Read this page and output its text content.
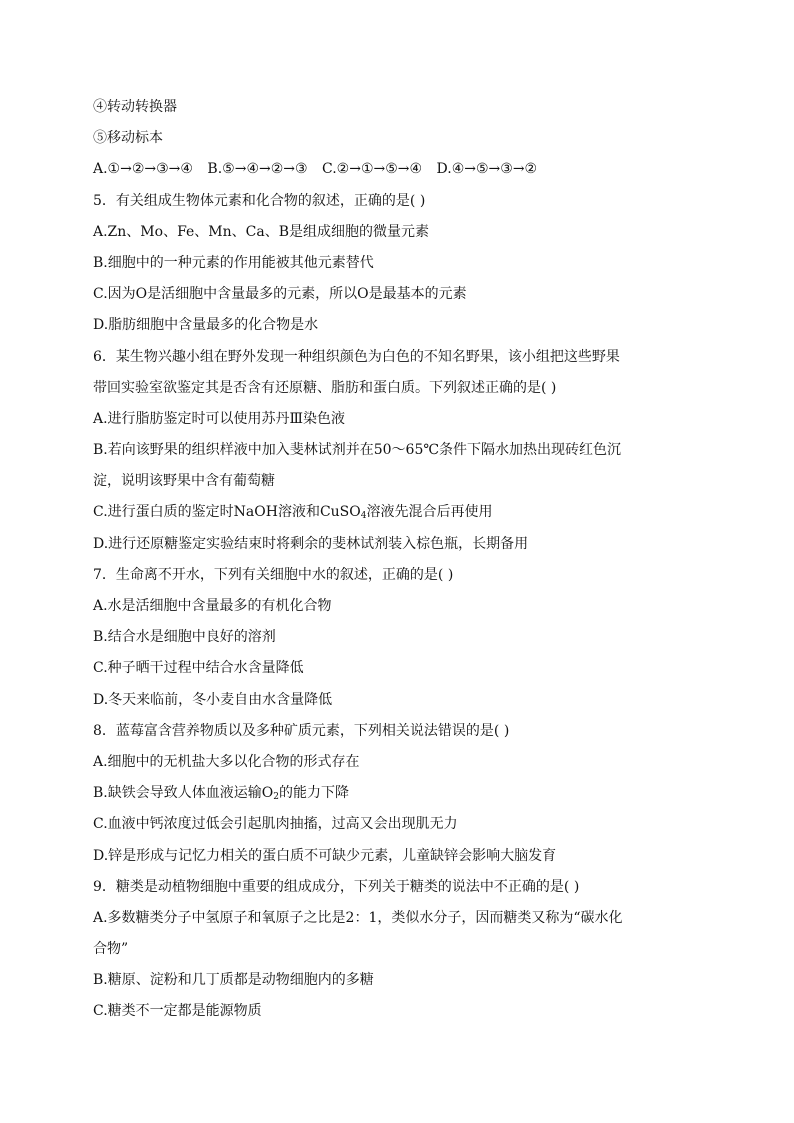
④转动转换器
⑤移动标本
A.①→②→③→④ B.⑤→④→②→③ C.②→①→⑤→④ D.④→⑤→③→②
5．有关组成生物体元素和化合物的叙述，正确的是( )
A.Zn、Mo、Fe、Mn、Ca、B是组成细胞的微量元素
B.细胞中的一种元素的作用能被其他元素替代
C.因为O是活细胞中含量最多的元素，所以O是最基本的元素
D.脂肪细胞中含量最多的化合物是水
6．某生物兴趣小组在野外发现一种组织颜色为白色的不知名野果，该小组把这些野果
带回实验室欲鉴定其是否含有还原糖、脂肪和蛋白质。下列叙述正确的是( )
A.进行脂肪鉴定时可以使用苏丹Ⅲ染色液
B.若向该野果的组织样液中加入斐林试剂并在50～65℃条件下隔水加热出现砖红色沉
淀，说明该野果中含有葡萄糖
C.进行蛋白质的鉴定时NaOH溶液和CuSO$_4$溶液先混合后再使用
D.进行还原糖鉴定实验结束时将剩余的斐林试剂装入棕色瓶，长期备用
7．生命离不开水，下列有关细胞中水的叙述，正确的是( )
A.水是活细胞中含量最多的有机化合物
B.结合水是细胞中良好的溶剂
C.种子晒干过程中结合水含量降低
D.冬天来临前，冬小麦自由水含量降低
8．蓝莓富含营养物质以及多种矿质元素，下列相关说法错误的是( )
A.细胞中的无机盐大多以化合物的形式存在
B.缺铁会导致人体血液运输$O_2$的能力下降
C.血液中钙浓度过低会引起肌肉抽搐，过高又会出现肌无力
D.锌是形成与记忆力相关的蛋白质不可缺少元素，儿童缺锌会影响大脑发育
9．糖类是动植物细胞中重要的组成成分，下列关于糖类的说法中不正确的是( )
A.多数糖类分子中氢原子和氧原子之比是2：1，类似水分子，因而糖类又称为“碳水化
合物”
B.糖原、淀粉和几丁质都是动物细胞内的多糖
C.糖类不一定都是能源物质
